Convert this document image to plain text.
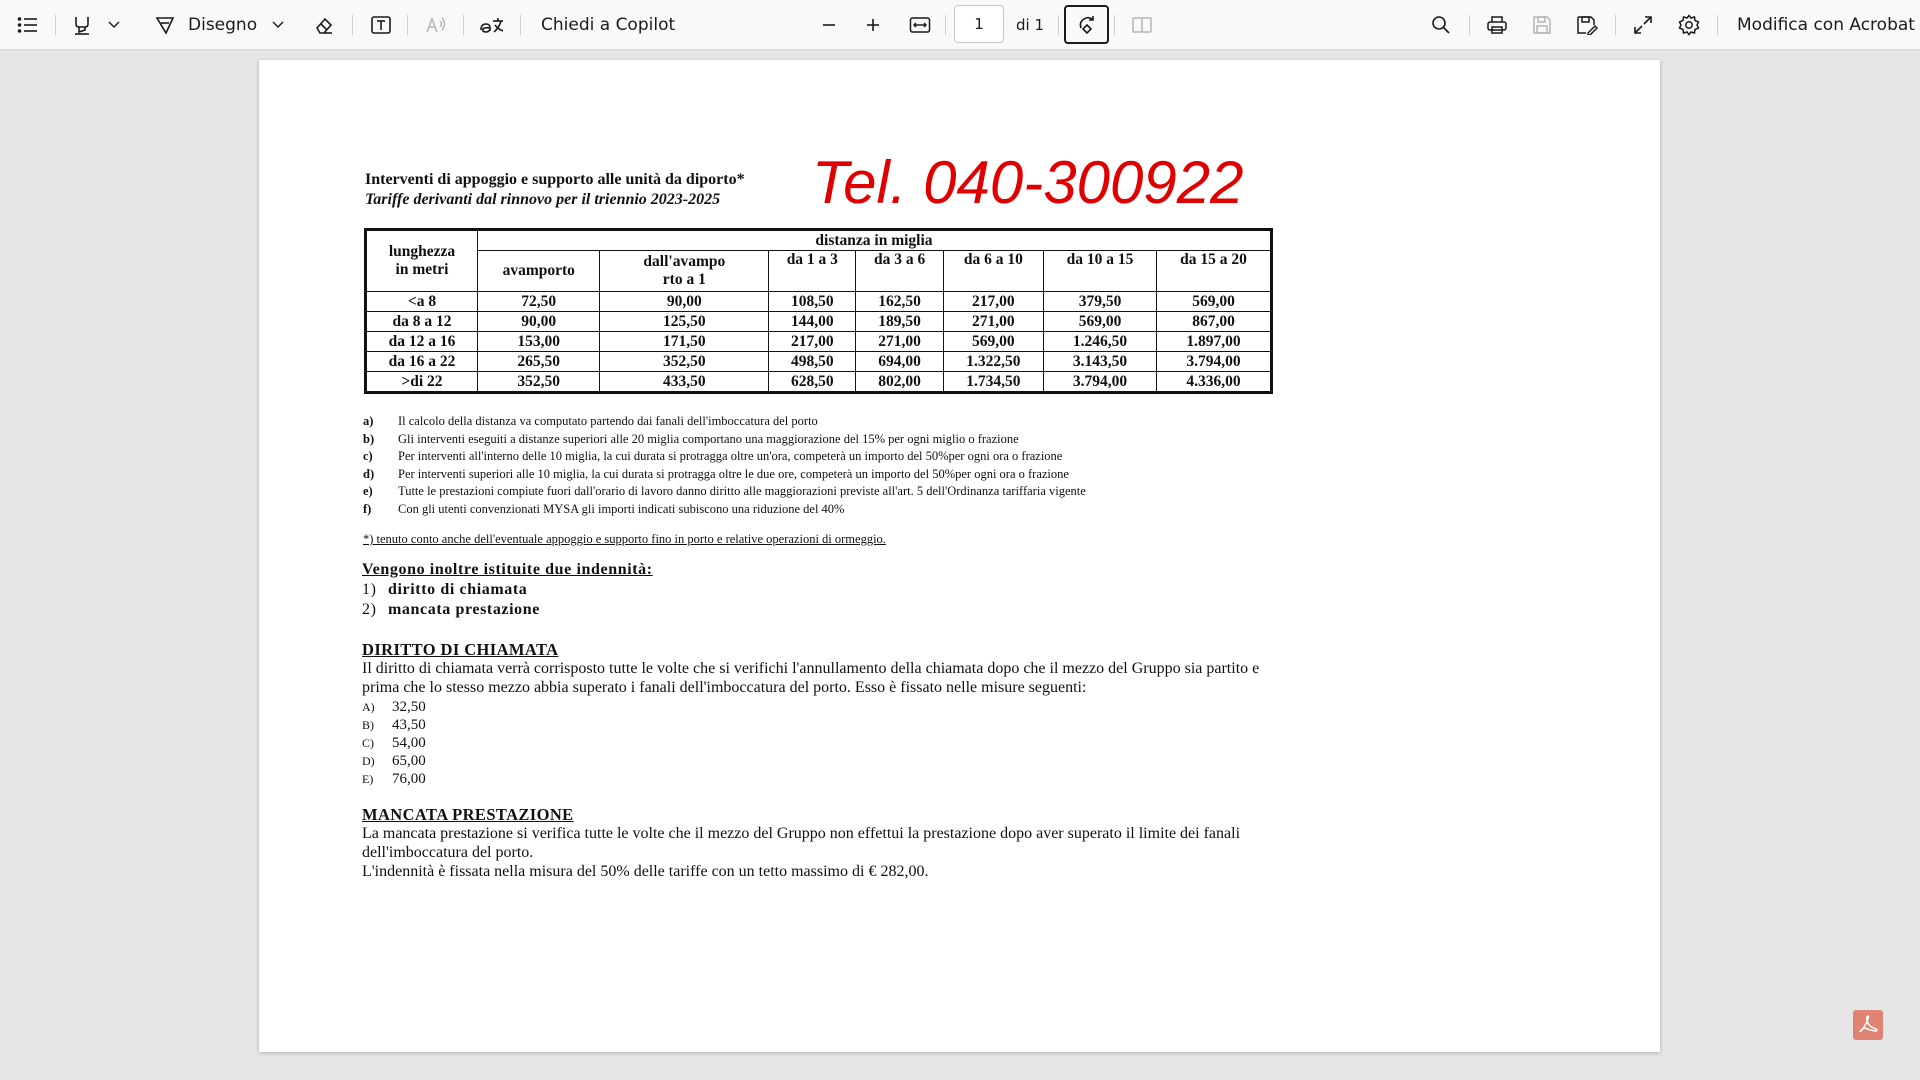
Disegno	Chiedi a Copilot	1 di 1	Modifica con Acrobat
Interventi di appoggio e supporto alle unità da diporto*
Tariffe derivanti dal rinnovo per il triennio 2023-2025	Tel. 040-300922
lunghezza in metri	distanza in miglia						
	avamporto	dall'avampo rto a 1	da 1 a 3	da 3 a 6	da 6 a 10	da 10 a 15	da 15 a 20
<a 8	72,50	90,00	108,50	162,50	217,00	379,50	569,00
da 8 a 12	90,00	125,50	144,00	189,50	271,00	569,00	867,00
da 12 a 16	153,00	171,50	217,00	271,00	569,00	1.246,50	1.897,00
da 16 a 22	265,50	352,50	498,50	694,00	1.322,50	3.143,50	3.794,00
>di 22	352,50	433,50	628,50	802,00	1.734,50	3.794,00	4.336,00
a)	Il calcolo della distanza va computato partendo dai fanali dell'imboccatura del porto
b)	Gli interventi eseguiti a distanze superiori alle 20 miglia comportano una maggiorazione del 15% per ogni miglio o frazione
c)	Per interventi all'interno delle 10 miglia, la cui durata si protragga oltre un'ora, competerà un importo del 50%per ogni ora o frazione
d)	Per interventi superiori alle 10 miglia, la cui durata si protragga oltre le due ore, competerà un importo del 50%per ogni ora o frazione
e)	Tutte le prestazioni compiute fuori dall'orario di lavoro danno diritto alle maggiorazioni previste all'art. 5 dell'Ordinanza tariffaria vigente
f)	Con gli utenti convenzionati MYSA gli importi indicati subiscono una riduzione del 40%
*) tenuto conto anche dell'eventuale appoggio e supporto fino in porto e relative operazioni di ormeggio.
Vengono inoltre istituite due indennità:
1) diritto di chiamata
2) mancata prestazione
DIRITTO DI CHIAMATA
Il diritto di chiamata verrà corrisposto tutte le volte che si verifichi l'annullamento della chiamata dopo che il mezzo del Gruppo sia partito e prima che lo stesso mezzo abbia superato i fanali dell'imboccatura del porto. Esso è fissato nelle misure seguenti:
A)	32,50
B)	43,50
C)	54,00
D)	65,00
E)	76,00
MANCATA PRESTAZIONE
La mancata prestazione si verifica tutte le volte che il mezzo del Gruppo non effettui la prestazione dopo aver superato il limite dei fanali dell'imboccatura del porto.
L'indennità è fissata nella misura del 50% delle tariffe con un tetto massimo di € 282,00.
